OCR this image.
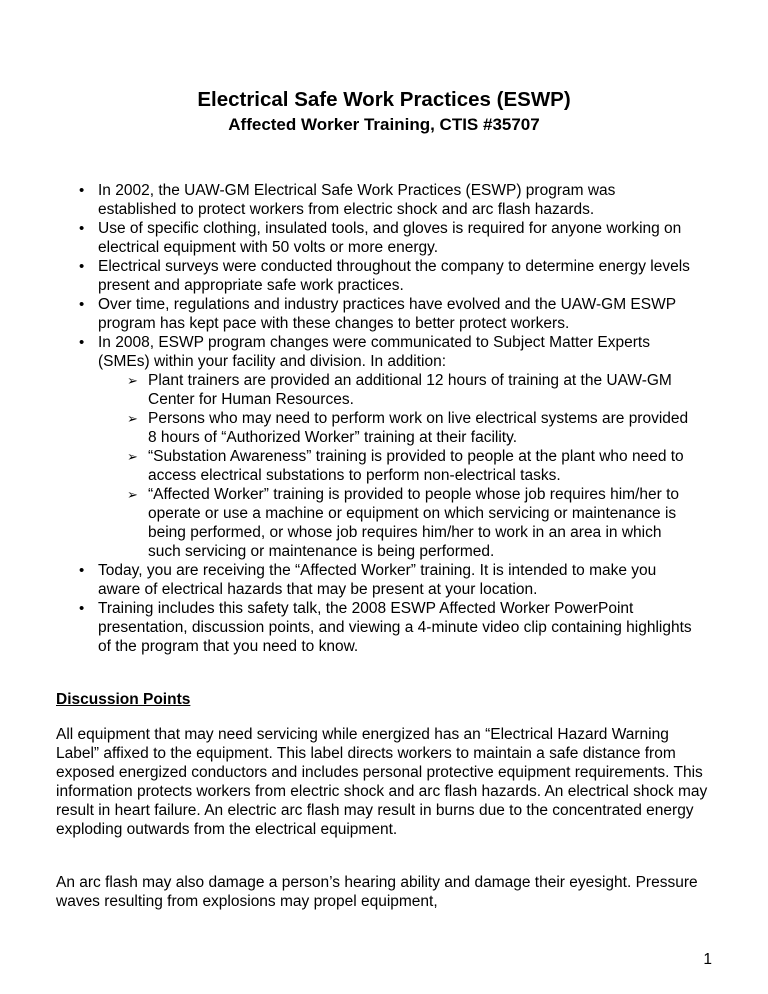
Electrical Safe Work Practices (ESWP)
Affected Worker Training, CTIS #35707
• In 2002, the UAW-GM Electrical Safe Work Practices (ESWP) program was established to protect workers from electric shock and arc flash hazards.
• Use of specific clothing, insulated tools, and gloves is required for anyone working on electrical equipment with 50 volts or more energy.
• Electrical surveys were conducted throughout the company to determine energy levels present and appropriate safe work practices.
• Over time, regulations and industry practices have evolved and the UAW-GM ESWP program has kept pace with these changes to better protect workers.
• In 2008, ESWP program changes were communicated to Subject Matter Experts (SMEs) within your facility and division. In addition:
➢ Plant trainers are provided an additional 12 hours of training at the UAW-GM Center for Human Resources.
➢ Persons who may need to perform work on live electrical systems are provided 8 hours of “Authorized Worker” training at their facility.
➢ “Substation Awareness” training is provided to people at the plant who need to access electrical substations to perform non-electrical tasks.
➢ “Affected Worker” training is provided to people whose job requires him/her to operate or use a machine or equipment on which servicing or maintenance is being performed, or whose job requires him/her to work in an area in which such servicing or maintenance is being performed.
• Today, you are receiving the “Affected Worker” training. It is intended to make you aware of electrical hazards that may be present at your location.
• Training includes this safety talk, the 2008 ESWP Affected Worker PowerPoint presentation, discussion points, and viewing a 4-minute video clip containing highlights of the program that you need to know.
Discussion Points

All equipment that may need servicing while energized has an “Electrical Hazard Warning Label” affixed to the equipment. This label directs workers to maintain a safe distance from exposed energized conductors and includes personal protective equipment requirements. This information protects workers from electric shock and arc flash hazards. An electrical shock may result in heart failure. An electric arc flash may result in burns due to the concentrated energy exploding outwards from the electrical equipment.

An arc flash may also damage a person’s hearing ability and damage their eyesight. Pressure waves resulting from explosions may propel equipment,

1
